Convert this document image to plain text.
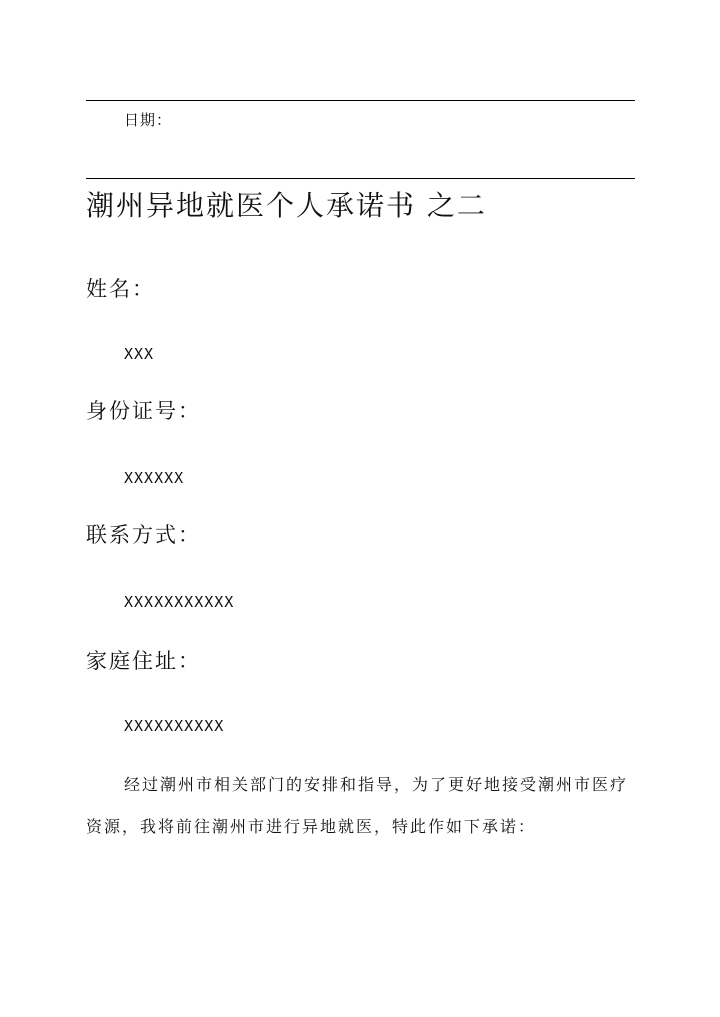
日期：
潮州异地就医个人承诺书 之二
姓名：
XXX
身份证号：
XXXXXX
联系方式：
XXXXXXXXXXX
家庭住址：
XXXXXXXXXX

经过潮州市相关部门的安排和指导，为了更好地接受潮州市医疗资源，我将前往潮州市进行异地就医，特此作如下承诺：
